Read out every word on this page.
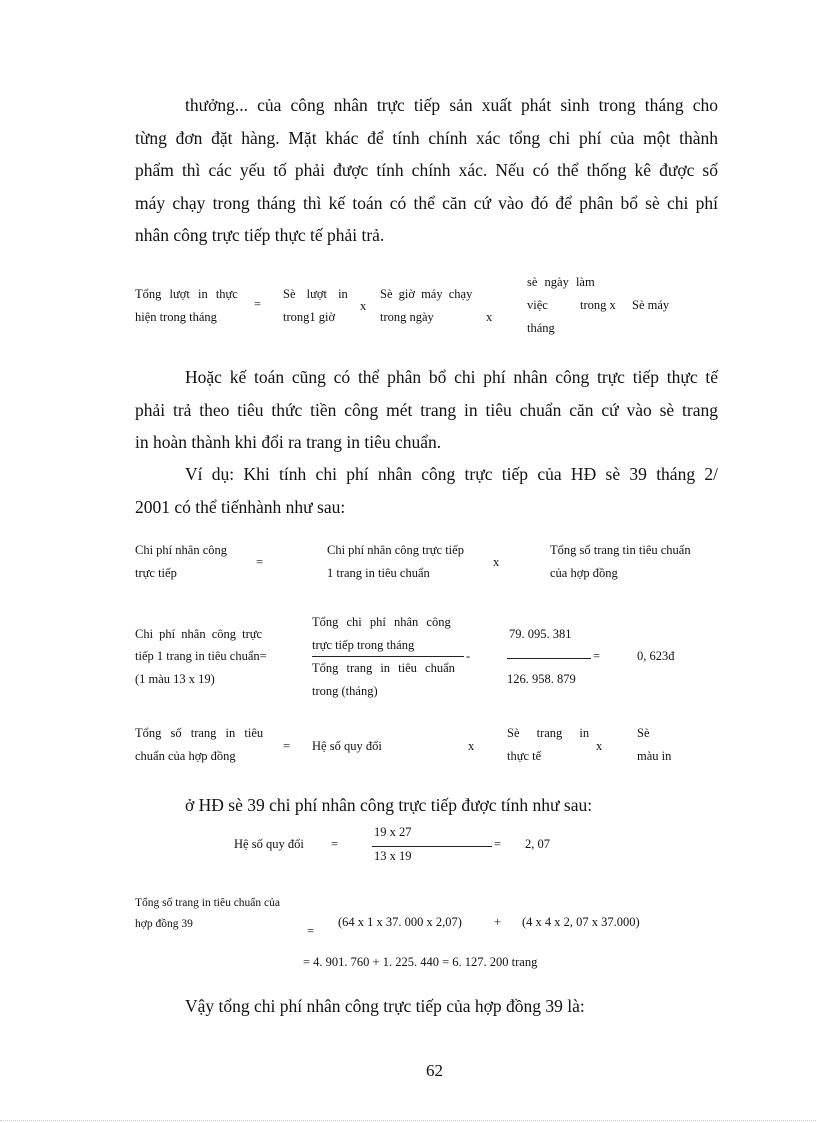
thưởng... của công nhân trực tiếp sản xuất phát sinh trong tháng cho
từng đơn đặt hàng. Mặt khác để tính chính xác tổng chi phí của một thành
phẩm thì các yếu tố phải được tính chính xác. Nếu có thể thống kê được số
máy chạy trong tháng thì kế toán có thể căn cứ vào đó để phân bổ sè chi phí
nhân công trực tiếp thực tế phải trả.
Tổng lượt in thực
hiện trong tháng
=
Sè lượt in
trong1 giờ
x
Sè giờ máy chạy
trong ngày	x
sè ngày làm
việc	trong x
tháng
Sè máy
Hoặc kế toán cũng có thể phân bổ chi phí nhân công trực tiếp thực tế
phải trả theo tiêu thức tiền công mét trang in tiêu chuẩn căn cứ vào sè trang
in hoàn thành khi đổi ra trang in tiêu chuẩn.
Ví dụ: Khi tính chi phí nhân công trực tiếp của HĐ sè 39 tháng 2/
2001 có thể tiếnhành như sau:
Chi phí nhân công
trực tiếp
=
Chi phí nhân công trực tiếp
1 trang in tiêu chuẩn
x
Tổng số trang tin tiêu chuẩn
của hợp đồng
Chi phí nhân công trực
tiếp 1 trang in tiêu chuẩn=
(1 màu 13 x 19)
Tổng chi phí nhân công
trực tiếp trong tháng
-
Tổng trang in tiêu chuẩn
trong (tháng)
79. 095. 381
=
126. 958. 879
0, 623đ
Tổng số trang in tiêu
chuẩn của hợp đồng
= Hệ số quy đổi	x
Sè trang in
thực tế
x
Sè
màu in
ở HĐ sè 39 chi phí nhân công trực tiếp được tính như sau:
Hệ số quy đổi =
19 x 27
=
13 x 19
2, 07
Tổng số trang in tiêu chuẩn của
hợp đồng 39	=
(64 x 1 x 37. 000 x 2,07)	+ (4 x 4 x 2, 07 x 37.000)
= 4. 901. 760 + 1. 225. 440 = 6. 127. 200 trang
Vậy tổng chi phí nhân công trực tiếp của hợp đồng 39 là:
62
